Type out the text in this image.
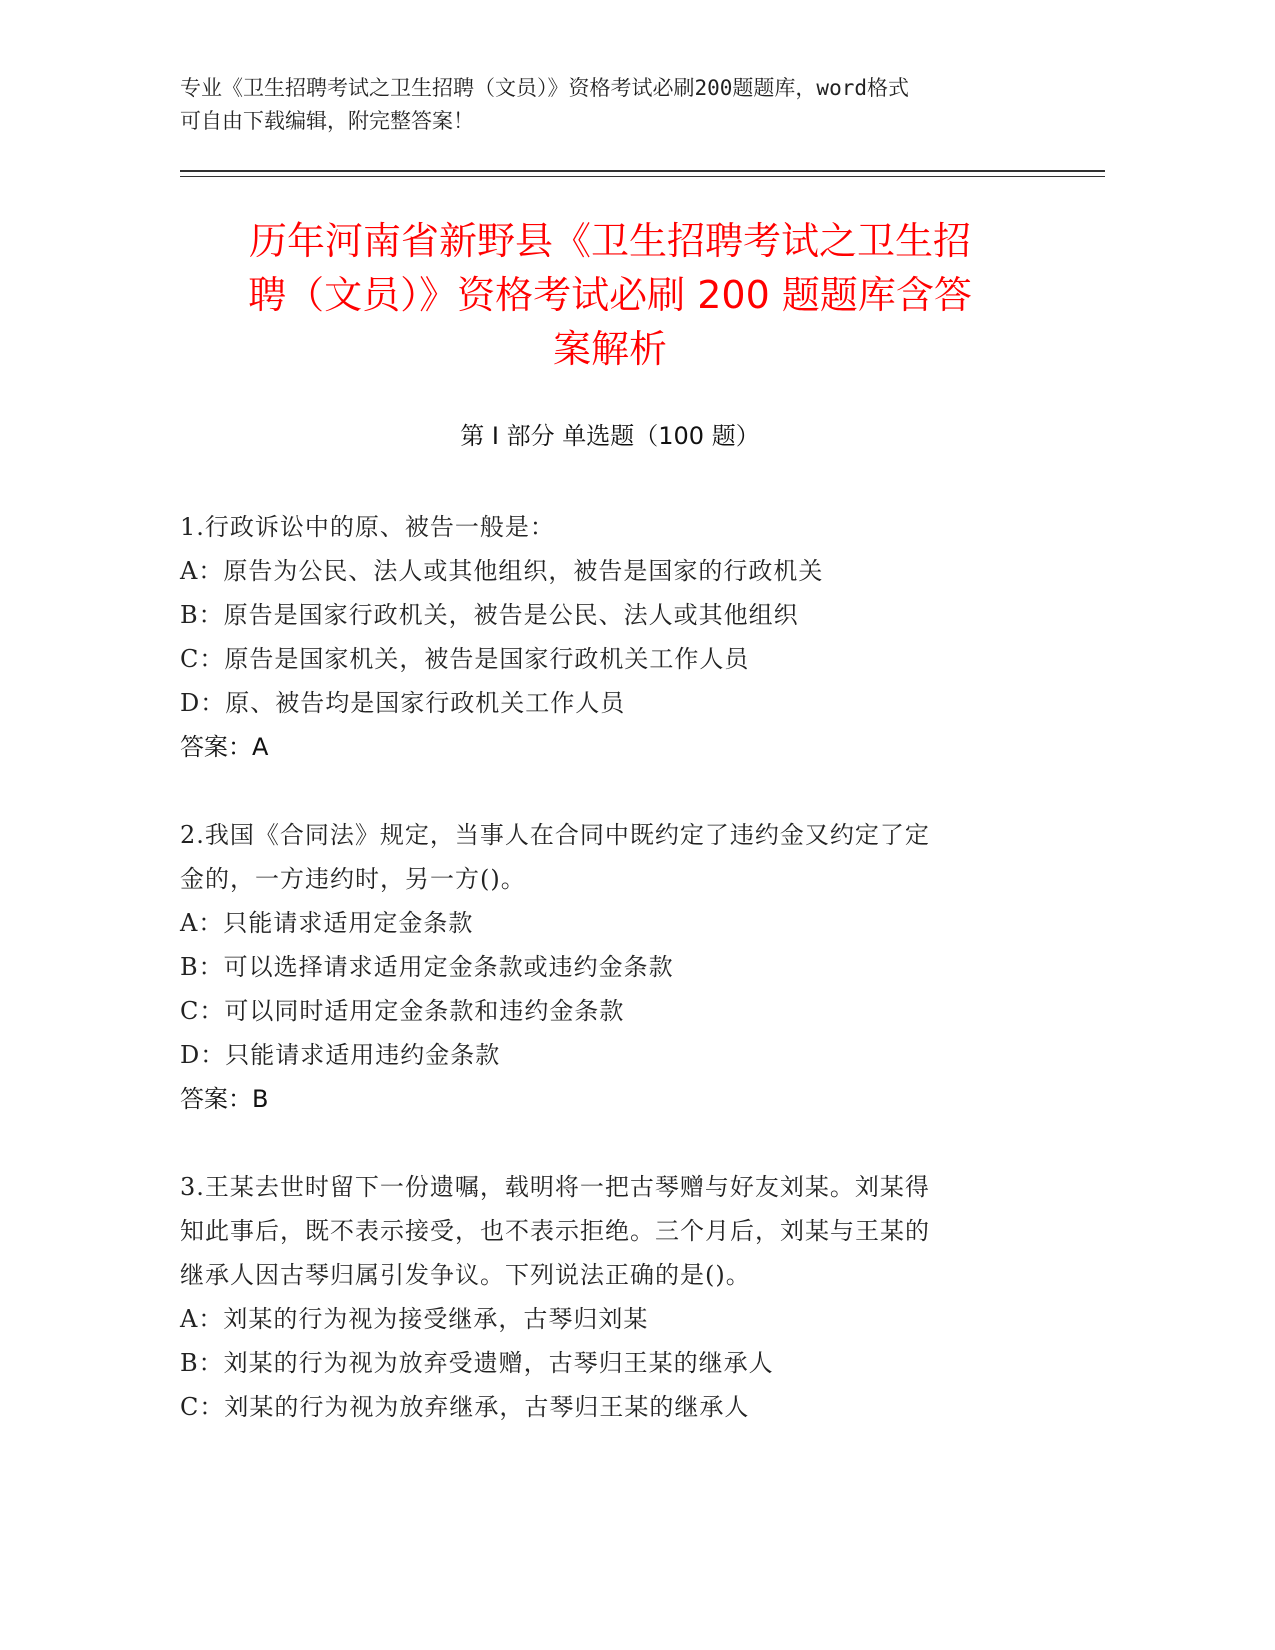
专业《卫生招聘考试之卫生招聘（文员）》资格考试必刷200题题库，word格式
可自由下载编辑，附完整答案！
历年河南省新野县《卫生招聘考试之卫生招
聘（文员）》资格考试必刷 200 题题库含答
案解析
第 I 部分 单选题（100 题）

1.行政诉讼中的原、被告一般是：

A：原告为公民、法人或其他组织，被告是国家的行政机关

B：原告是国家行政机关，被告是公民、法人或其他组织

C：原告是国家机关，被告是国家行政机关工作人员

D：原、被告均是国家行政机关工作人员

答案：A

2.我国《合同法》规定，当事人在合同中既约定了违约金又约定了定

金的，一方违约时，另一方()。

A：只能请求适用定金条款

B：可以选择请求适用定金条款或违约金条款

C：可以同时适用定金条款和违约金条款

D：只能请求适用违约金条款

答案：B

3.王某去世时留下一份遗嘱，载明将一把古琴赠与好友刘某。刘某得

知此事后，既不表示接受，也不表示拒绝。三个月后，刘某与王某的

继承人因古琴归属引发争议。下列说法正确的是()。

A：刘某的行为视为接受继承，古琴归刘某

B：刘某的行为视为放弃受遗赠，古琴归王某的继承人

C：刘某的行为视为放弃继承，古琴归王某的继承人
